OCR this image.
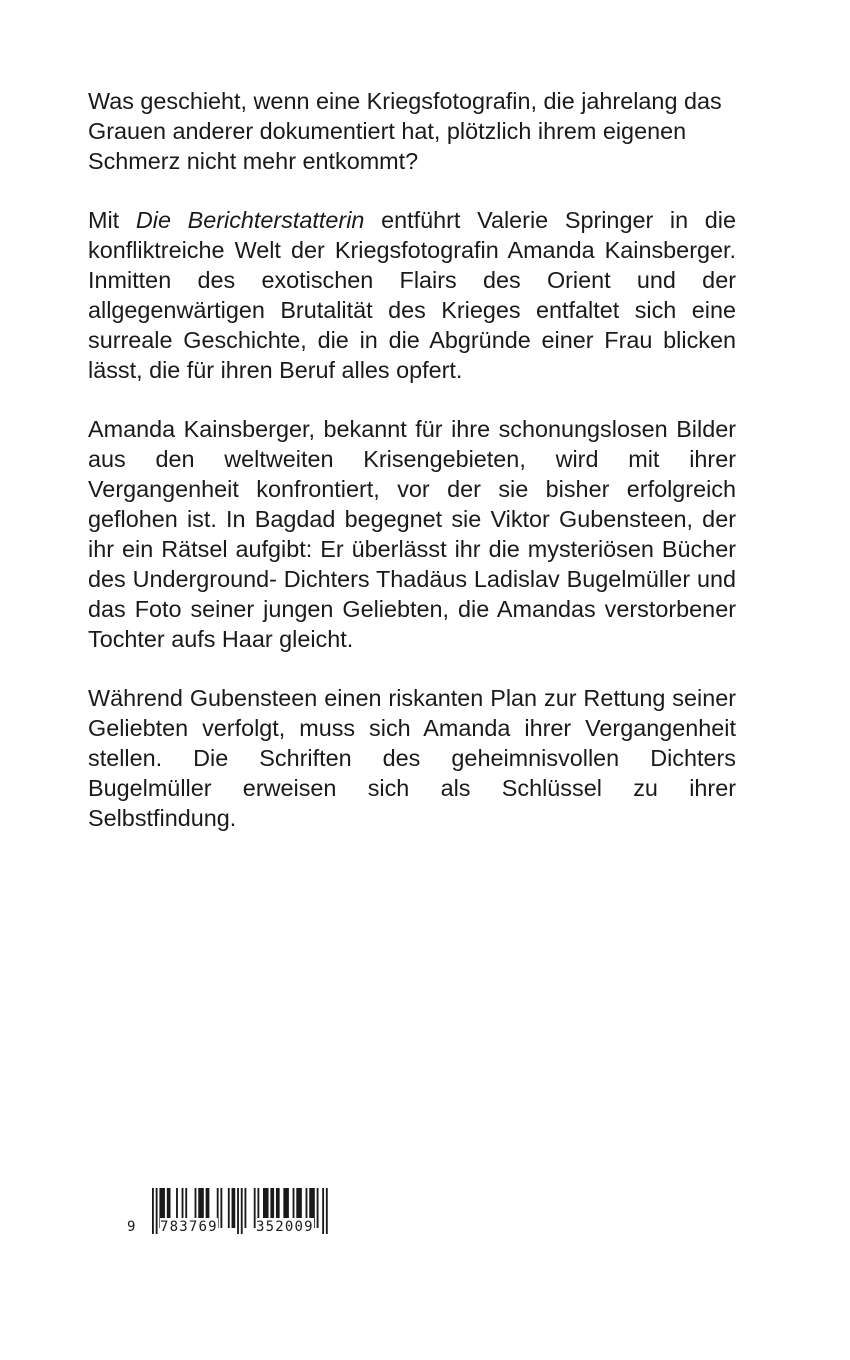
Was geschieht, wenn eine Kriegsfotografin, die jahrelang das Grauen anderer dokumentiert hat, plötzlich ihrem eigenen Schmerz nicht mehr entkommt?

Mit Die Berichterstatterin entführt Valerie Springer in die konfliktreiche Welt der Kriegsfotografin Amanda Kainsberger. Inmitten des exotischen Flairs des Orient und der allgegenwärtigen Brutalität des Krieges entfaltet sich eine surreale Geschichte, die in die Abgründe einer Frau blicken lässt, die für ihren Beruf alles opfert.

Amanda Kainsberger, bekannt für ihre schonungslosen Bilder aus den weltweiten Krisengebieten, wird mit ihrer Vergangenheit konfrontiert, vor der sie bisher erfolgreich geflohen ist. In Bagdad begegnet sie Viktor Gubensteen, der ihr ein Rätsel aufgibt: Er überlässt ihr die mysteriösen Bücher des Underground- Dichters Thadäus Ladislav Bugelmüller und das Foto seiner jungen Geliebten, die Amandas verstorbener Tochter aufs Haar gleicht.

Während Gubensteen einen riskanten Plan zur Rettung seiner Geliebten verfolgt, muss sich Amanda ihrer Vergangenheit stellen. Die Schriften des geheimnisvollen Dichters Bugelmüller erweisen sich als Schlüssel zu ihrer Selbstfindung.

9 783769	352009
